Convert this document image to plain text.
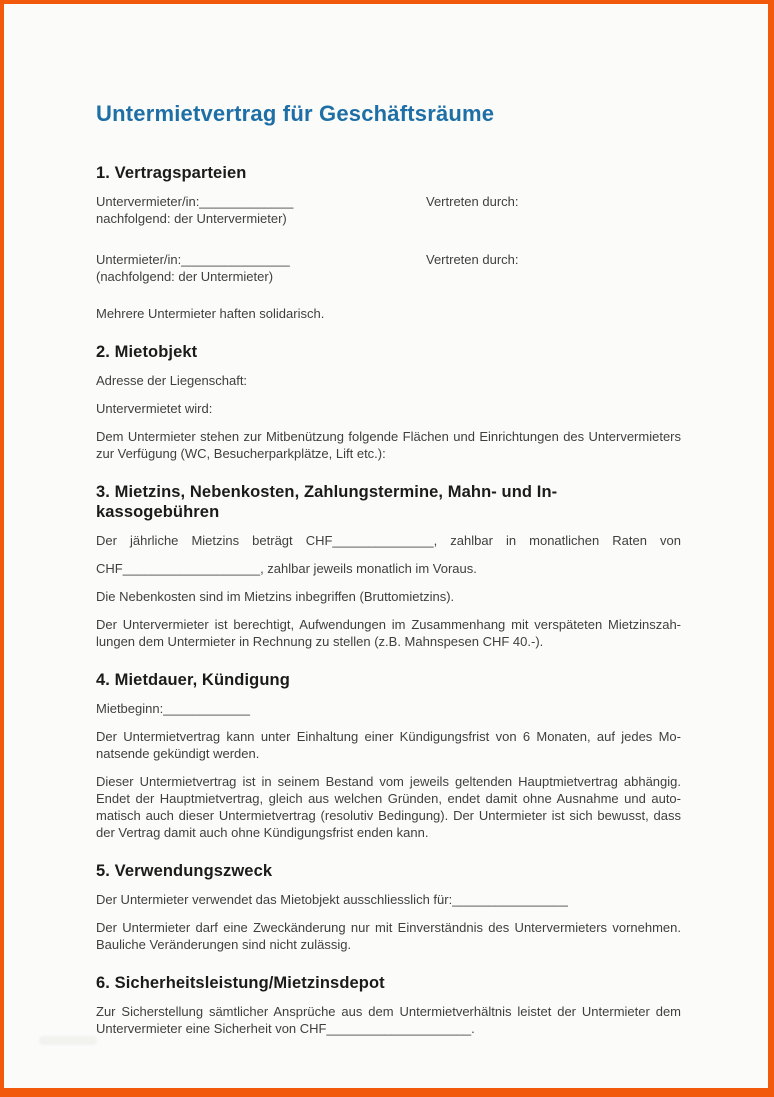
Untermietvertrag für Geschäftsräume
1. Vertragsparteien
Untervermieter/in:_____________
nachfolgend: der Untervermieter)
Vertreten durch:
Untermieter/in:_______________
(nachfolgend: der Untermieter)
Vertreten durch:

Mehrere Untermieter haften solidarisch.

2. Mietobjekt

Adresse der Liegenschaft:

Untervermietet wird:

Dem Untermieter stehen zur Mitbenützung folgende Flächen und Einrichtungen des Untervermieters
zur Verfügung (WC, Besucherparkplätze, Lift etc.):
3. Mietzins, Nebenkosten, Zahlungstermine, Mahn- und In-
kassogebühren

Der jährliche Mietzins beträgt CHF______________, zahlbar in monatlichen Raten von

CHF___________________, zahlbar jeweils monatlich im Voraus.

Die Nebenkosten sind im Mietzins inbegriffen (Bruttomietzins).

Der Untervermieter ist berechtigt, Aufwendungen im Zusammenhang mit verspäteten Mietzinszah-
lungen dem Untermieter in Rechnung zu stellen (z.B. Mahnspesen CHF 40.-).
4. Mietdauer, Kündigung

Mietbeginn:____________

Der Untermietvertrag kann unter Einhaltung einer Kündigungsfrist von 6 Monaten, auf jedes Mo-
natsende gekündigt werden.
Dieser Untermietvertrag ist in seinem Bestand vom jeweils geltenden Hauptmietvertrag abhängig.
Endet der Hauptmietvertrag, gleich aus welchen Gründen, endet damit ohne Ausnahme und auto-
matisch auch dieser Untermietvertrag (resolutiv Bedingung). Der Untermieter ist sich bewusst, dass
der Vertrag damit auch ohne Kündigungsfrist enden kann.
5. Verwendungszweck

Der Untermieter verwendet das Mietobjekt ausschliesslich für:________________

Der Untermieter darf eine Zweckänderung nur mit Einverständnis des Untervermieters vornehmen.
Bauliche Veränderungen sind nicht zulässig.
6. Sicherheitsleistung/Mietzinsdepot
Zur Sicherstellung sämtlicher Ansprüche aus dem Untermietverhältnis leistet der Untermieter dem
Untervermieter eine Sicherheit von CHF____________________.
